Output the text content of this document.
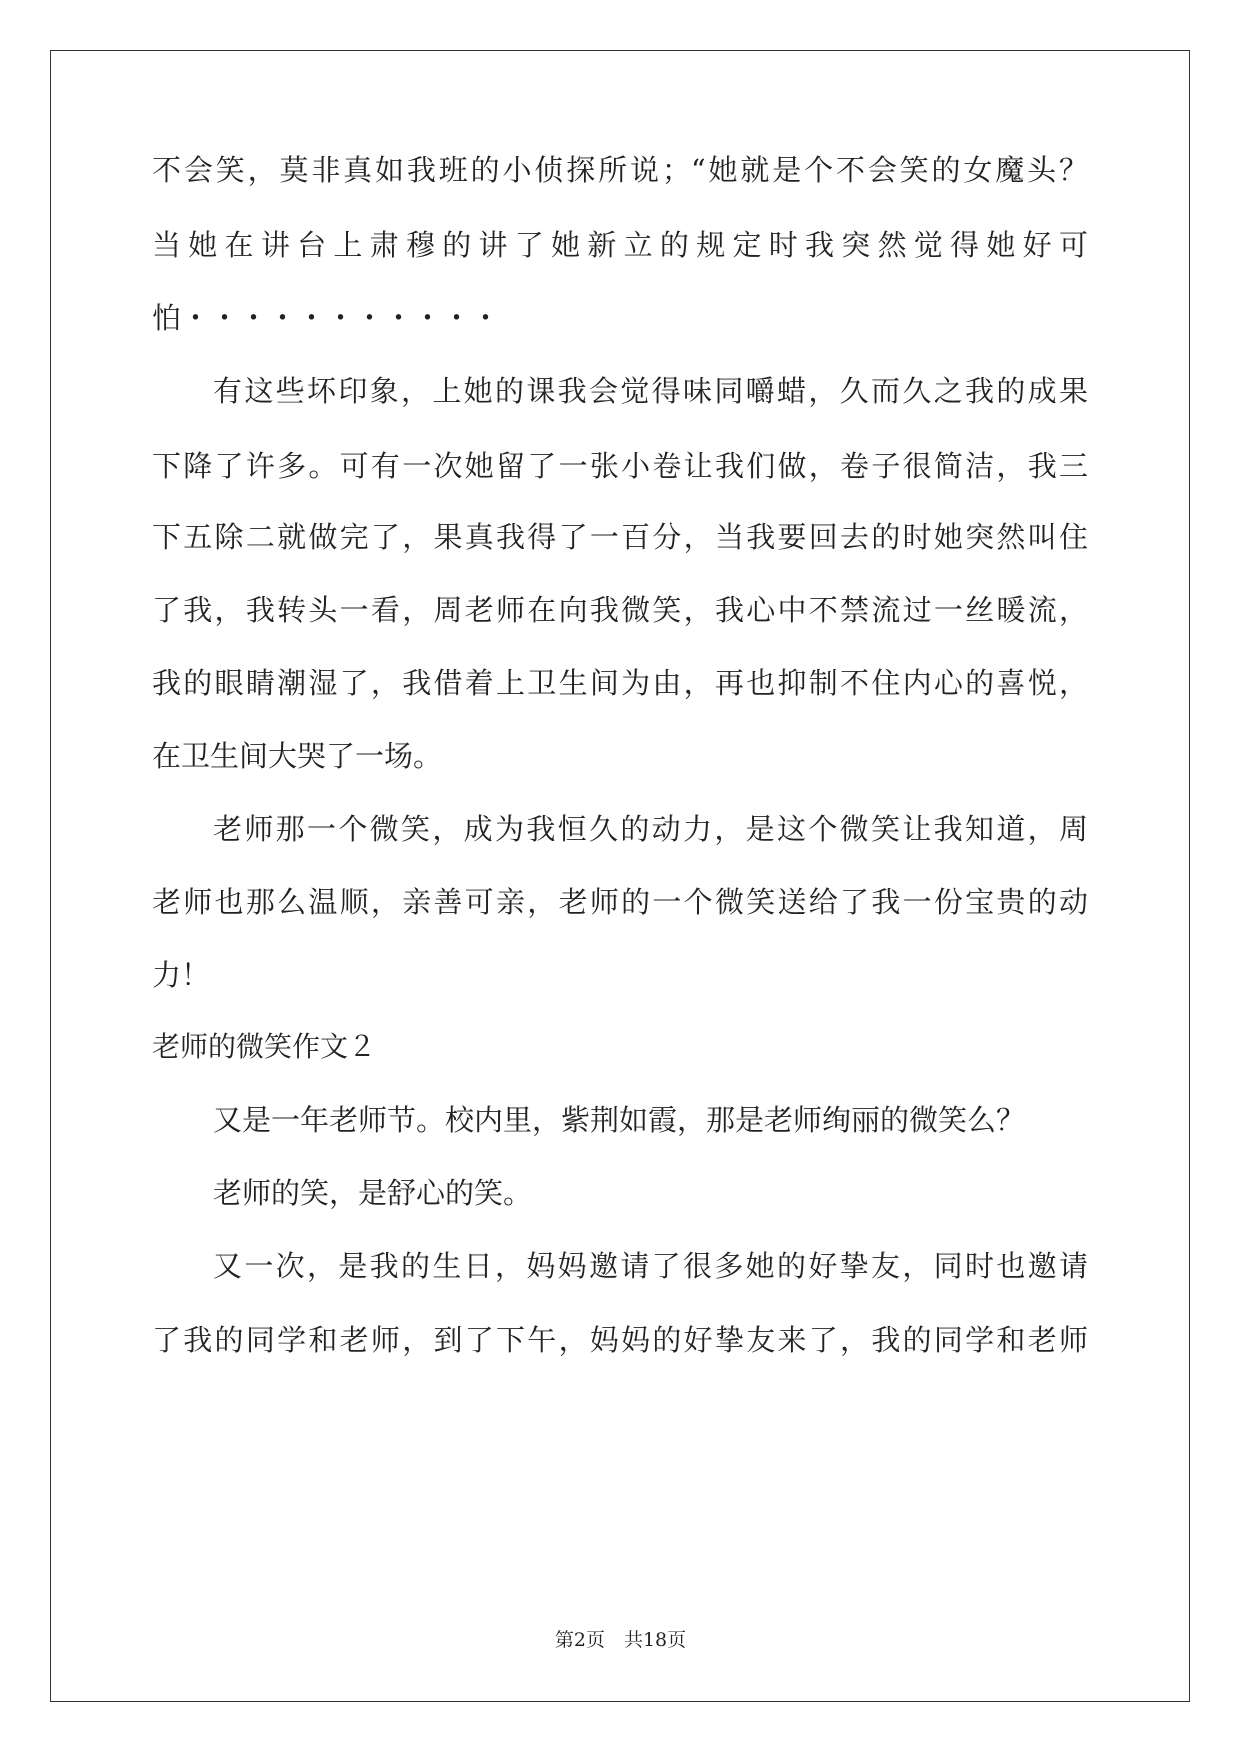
不会笑，莫非真如我班的小侦探所说；“她就是个不会笑的女魔头？
当她在讲台上肃穆的讲了她新立的规定时我突然觉得她好可
怕・・・・・・・・・・・
有这些坏印象，上她的课我会觉得味同嚼蜡，久而久之我的成果
下降了许多。可有一次她留了一张小卷让我们做，卷子很简洁，我三
下五除二就做完了，果真我得了一百分，当我要回去的时她突然叫住
了我，我转头一看，周老师在向我微笑，我心中不禁流过一丝暖流，
我的眼睛潮湿了，我借着上卫生间为由，再也抑制不住内心的喜悦，
在卫生间大哭了一场。
老师那一个微笑，成为我恒久的动力，是这个微笑让我知道，周
老师也那么温顺，亲善可亲，老师的一个微笑送给了我一份宝贵的动
力！
老师的微笑作文２
又是一年老师节。校内里，紫荆如霞，那是老师绚丽的微笑么？
老师的笑，是舒心的笑。
又一次，是我的生日，妈妈邀请了很多她的好挚友，同时也邀请
了我的同学和老师，到了下午，妈妈的好挚友来了，我的同学和老师
第2页　共18页
